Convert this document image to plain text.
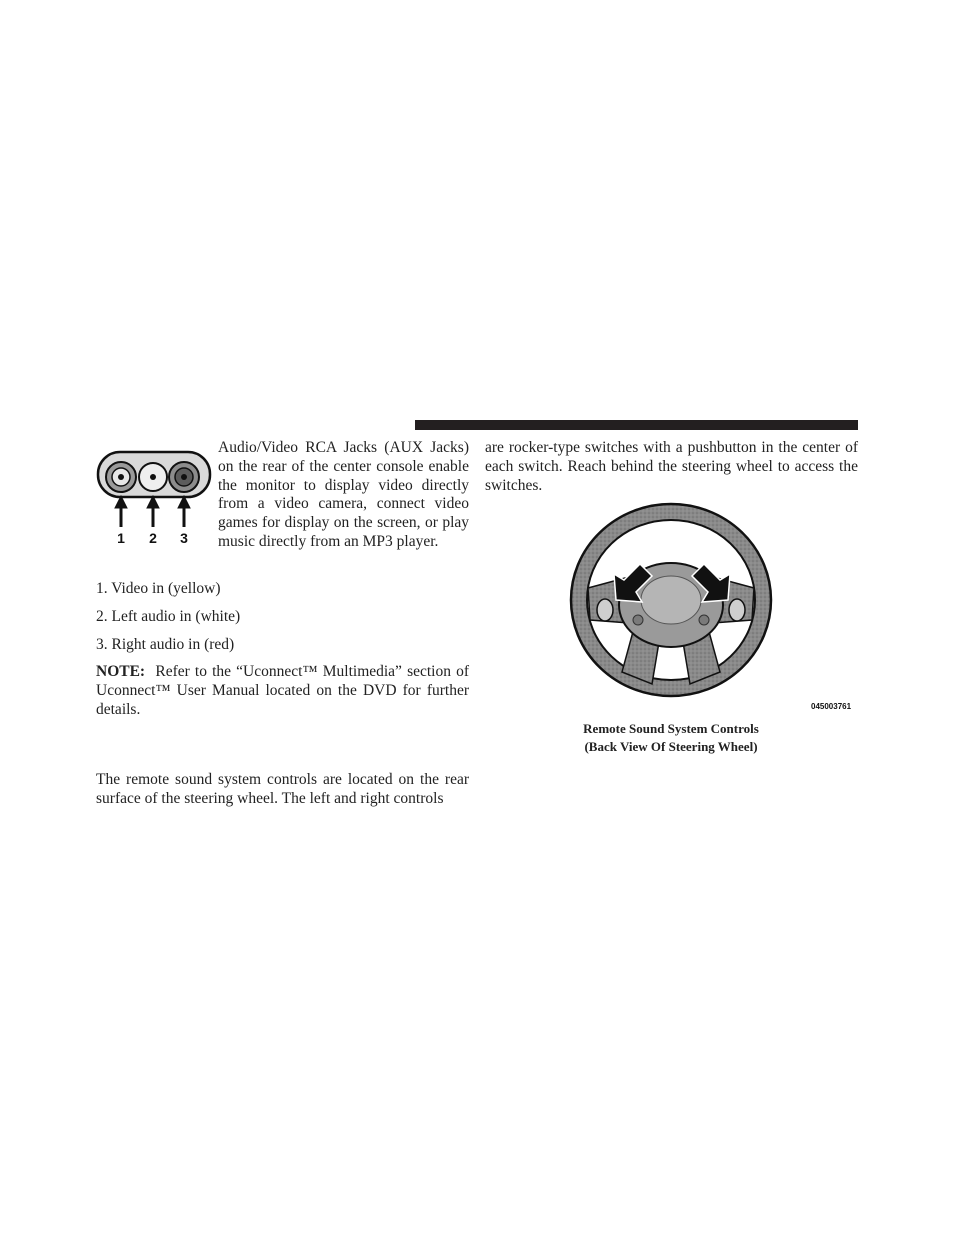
1 2 3
Audio/Video RCA Jacks (AUX Jacks) on the rear of the center console enable the monitor to display video directly from a video camera, connect video games for display on the screen, or play music directly from an MP3 player.
1. Video in (yellow)
2. Left audio in (white)
3. Right audio in (red)
NOTE: Refer to the “Uconnect™ Multimedia” section of Uconnect™ User Manual located on the DVD for further details.
The remote sound system controls are located on the rear surface of the steering wheel. The left and right controls
are rocker-type switches with a pushbutton in the center of each switch. Reach behind the steering wheel to access the switches.
045003761
Remote Sound System Controls
(Back View Of Steering Wheel)
